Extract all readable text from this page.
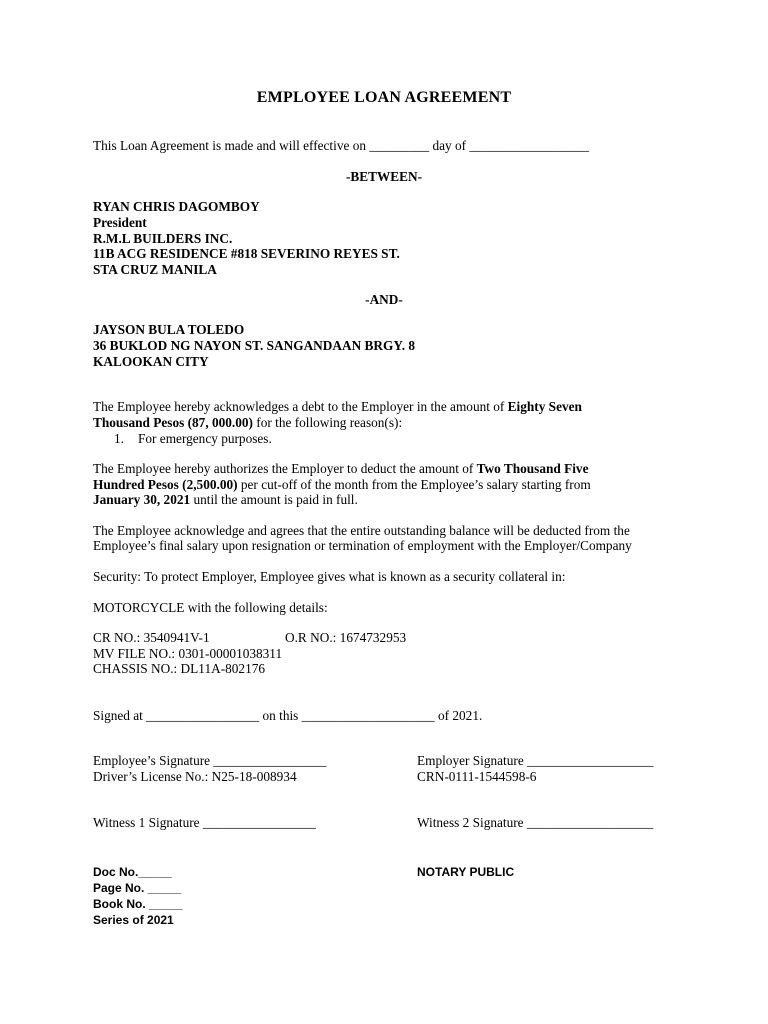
EMPLOYEE LOAN AGREEMENT
This Loan Agreement is made and will effective on _________ day of __________________
-BETWEEN-
RYAN CHRIS DAGOMBOY
President
R.M.L BUILDERS INC.
11B ACG RESIDENCE #818 SEVERINO REYES ST.
STA CRUZ MANILA
-AND-
JAYSON BULA TOLEDO
36 BUKLOD NG NAYON ST. SANGANDAAN BRGY. 8
KALOOKAN CITY
The Employee hereby acknowledges a debt to the Employer in the amount of Eighty Seven
Thousand Pesos (87, 000.00) for the following reason(s):
1. For emergency purposes.
The Employee hereby authorizes the Employer to deduct the amount of Two Thousand Five
Hundred Pesos (2,500.00) per cut-off of the month from the Employee’s salary starting from
January 30, 2021 until the amount is paid in full.
The Employee acknowledge and agrees that the entire outstanding balance will be deducted from the
Employee’s final salary upon resignation or termination of employment with the Employer/Company
Security: To protect Employer, Employee gives what is known as a security collateral in:
MOTORCYCLE with the following details:
CR NO.: 3540941V-1	O.R NO.: 1674732953
MV FILE NO.: 0301-00001038311
CHASSIS NO.: DL11A-802176
Signed at _________________ on this ____________________ of 2021.
Employee’s Signature _________________	Employer Signature ___________________
Driver’s License No.: N25-18-008934	CRN-0111-1544598-6
Witness 1 Signature _________________	Witness 2 Signature ___________________
Doc No._____	NOTARY PUBLIC
Page No. _____
Book No. _____
Series of 2021
